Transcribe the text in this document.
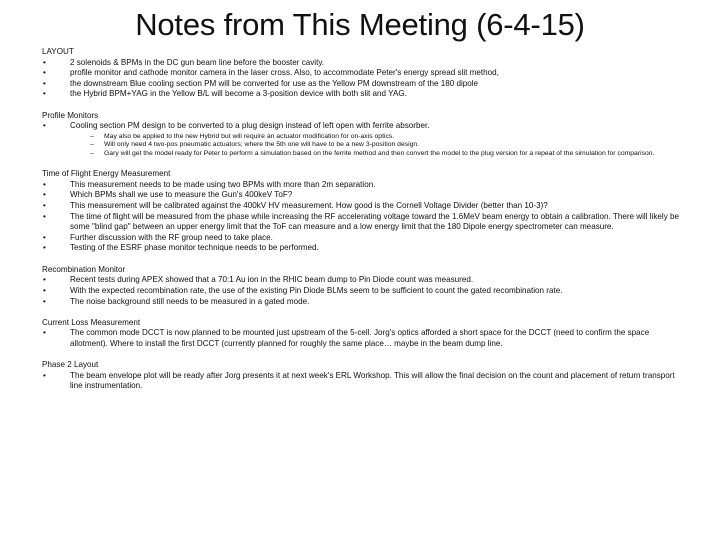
Notes from This Meeting (6-4-15)
LAYOUT
•	2 solenoids & BPMs in the DC gun beam line before the booster cavity.
•	profile monitor and cathode monitor camera in the laser cross. Also, to accommodate Peter's energy spread slit method,
•	the downstream Blue cooling section PM will be converted for use as the Yellow PM downstream of the 180 dipole
•	the Hybrid BPM+YAG in the Yellow B/L will become a 3-position device with both slit and YAG.
Profile Monitors
•	Cooling section PM design to be converted to a plug design instead of left open with ferrite absorber.
– May also be applied to the new Hybrid but will require an actuator modification for on-axis optics.
– Will only need 4 two-pos pneumatic actuators; where the 5th one will have to be a new 3-position design.
– Gary will get the model ready for Peter to perform a simulation based on the ferrite method and then convert the model to the plug version for a repeat of the simulation for comparison.
Time of Flight Energy Measurement
•	This measurement needs to be made using two BPMs with more than 2m separation.
•	Which BPMs shall we use to measure the Gun's 400keV ToF?
•	This measurement will be calibrated against the 400kV HV measurement. How good is the Cornell Voltage Divider (better than 10-3)?
•	The time of flight will be measured from the phase while increasing the RF accelerating voltage toward the 1.6MeV beam energy to obtain a calibration. There will likely be some "blind gap" between an upper energy limit that the ToF can measure and a low energy limit that the 180 Dipole energy spectrometer can measure.
•	Further discussion with the RF group need to take place.
•	Testing of the ESRF phase monitor technique needs to be performed.
Recombination Monitor
•	Recent tests during APEX showed that a 70:1 Au ion in the RHIC beam dump to Pin Diode count was measured.
•	With the expected recombination rate, the use of the existing Pin Diode BLMs seem to be sufficient to count the gated recombination rate.
•	The noise background still needs to be measured in a gated mode.
Current Loss Measurement
•	The common mode DCCT is now planned to be mounted just upstream of the 5-cell. Jorg's optics afforded a short space for the DCCT (need to confirm the space allotment). Where to install the first DCCT (currently planned for roughly the same place… maybe in the beam dump line.
Phase 2 Layout
•	The beam envelope plot will be ready after Jorg presents it at next week's ERL Workshop. This will allow the final decision on the count and placement of return transport line instrumentation.
